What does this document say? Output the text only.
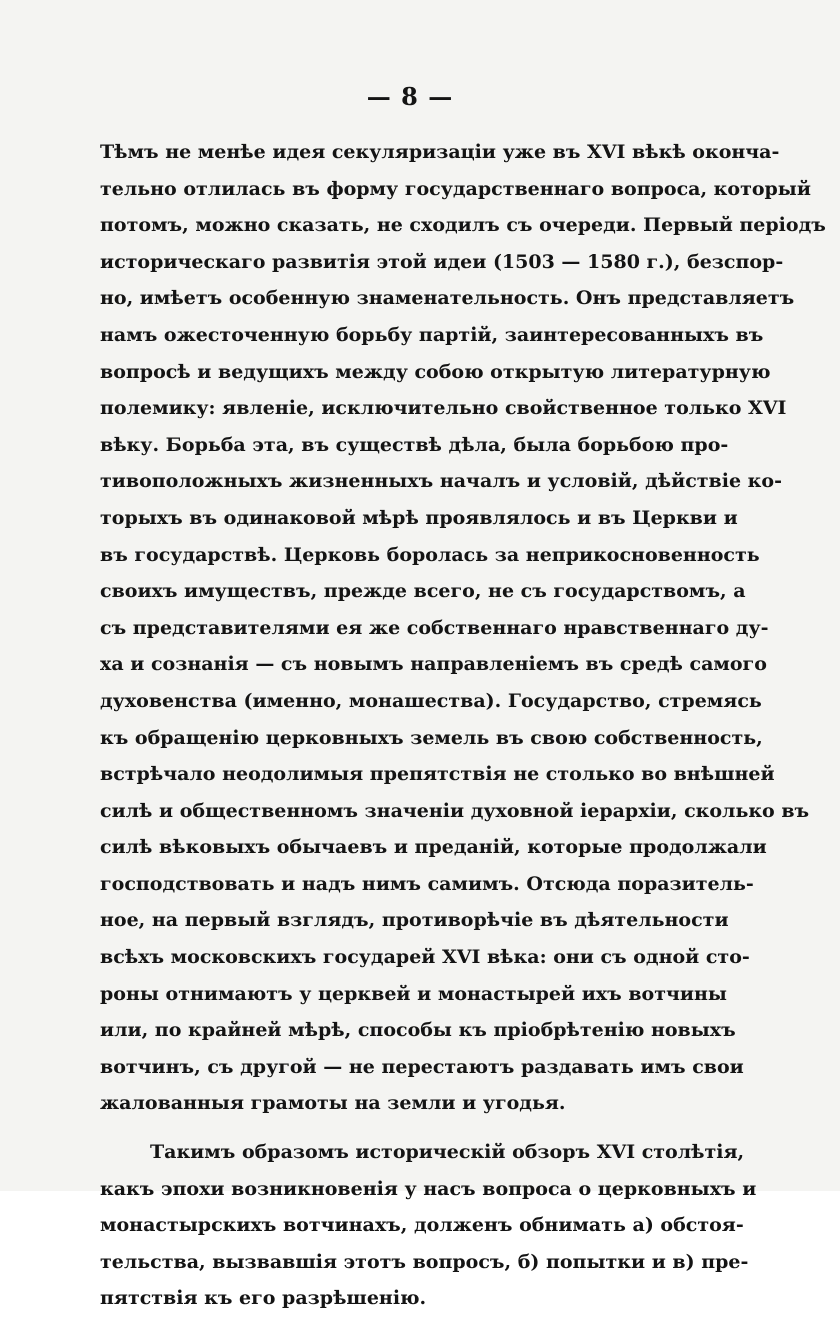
— 8 —
Тѣмъ не менѣе идея секуляризаціи уже въ XVI вѣкѣ оконча-
тельно отлилась въ форму государственнаго вопроса, который
потомъ, можно сказать, не сходилъ съ очереди. Первый періодъ
историческаго развитія этой идеи (1503 — 1580 г.), безспор-
но, имѣетъ особенную знаменательность. Онъ представляетъ
намъ ожесточенную борьбу партій, заинтересованныхъ въ
вопросѣ и ведущихъ между собою открытую литературную
полемику: явленіе, исключительно свойственное только XVI
вѣку. Борьба эта, въ существѣ дѣла, была борьбою про-
тивоположныхъ жизненныхъ началъ и условій, дѣйствіе ко-
торыхъ въ одинаковой мѣрѣ проявлялось и въ Церкви и
въ государствѣ. Церковь боролась за неприкосновенность
своихъ имуществъ, прежде всего, не съ государствомъ, а
съ представителями ея же собственнаго нравственнаго ду-
ха и сознанія — съ новымъ направленіемъ въ средѣ самого
духовенства (именно, монашества). Государство, стремясь
къ обращенію церковныхъ земель въ свою собственность,
встрѣчало неодолимыя препятствія не столько во внѣшней
силѣ и общественномъ значеніи духовной іерархіи, сколько въ
силѣ вѣковыхъ обычаевъ и преданій, которые продолжали
господствовать и надъ нимъ самимъ. Отсюда поразитель-
ное, на первый взглядъ, противорѣчіе въ дѣятельности
всѣхъ московскихъ государей XVI вѣка: они съ одной сто-
роны отнимаютъ у церквей и монастырей ихъ вотчины
или, по крайней мѣрѣ, способы къ пріобрѣтенію новыхъ
вотчинъ, съ другой — не перестаютъ раздавать имъ свои
жалованныя грамоты на земли и угодья.
Такимъ образомъ историческій обзоръ XVI столѣтія,
какъ эпохи возникновенія у насъ вопроса о церковныхъ и
монастырскихъ вотчинахъ, долженъ обнимать а) обстоя-
тельства, вызвавшія этотъ вопросъ, б) попытки и в) пре-
пятствія къ его разрѣшенію.
